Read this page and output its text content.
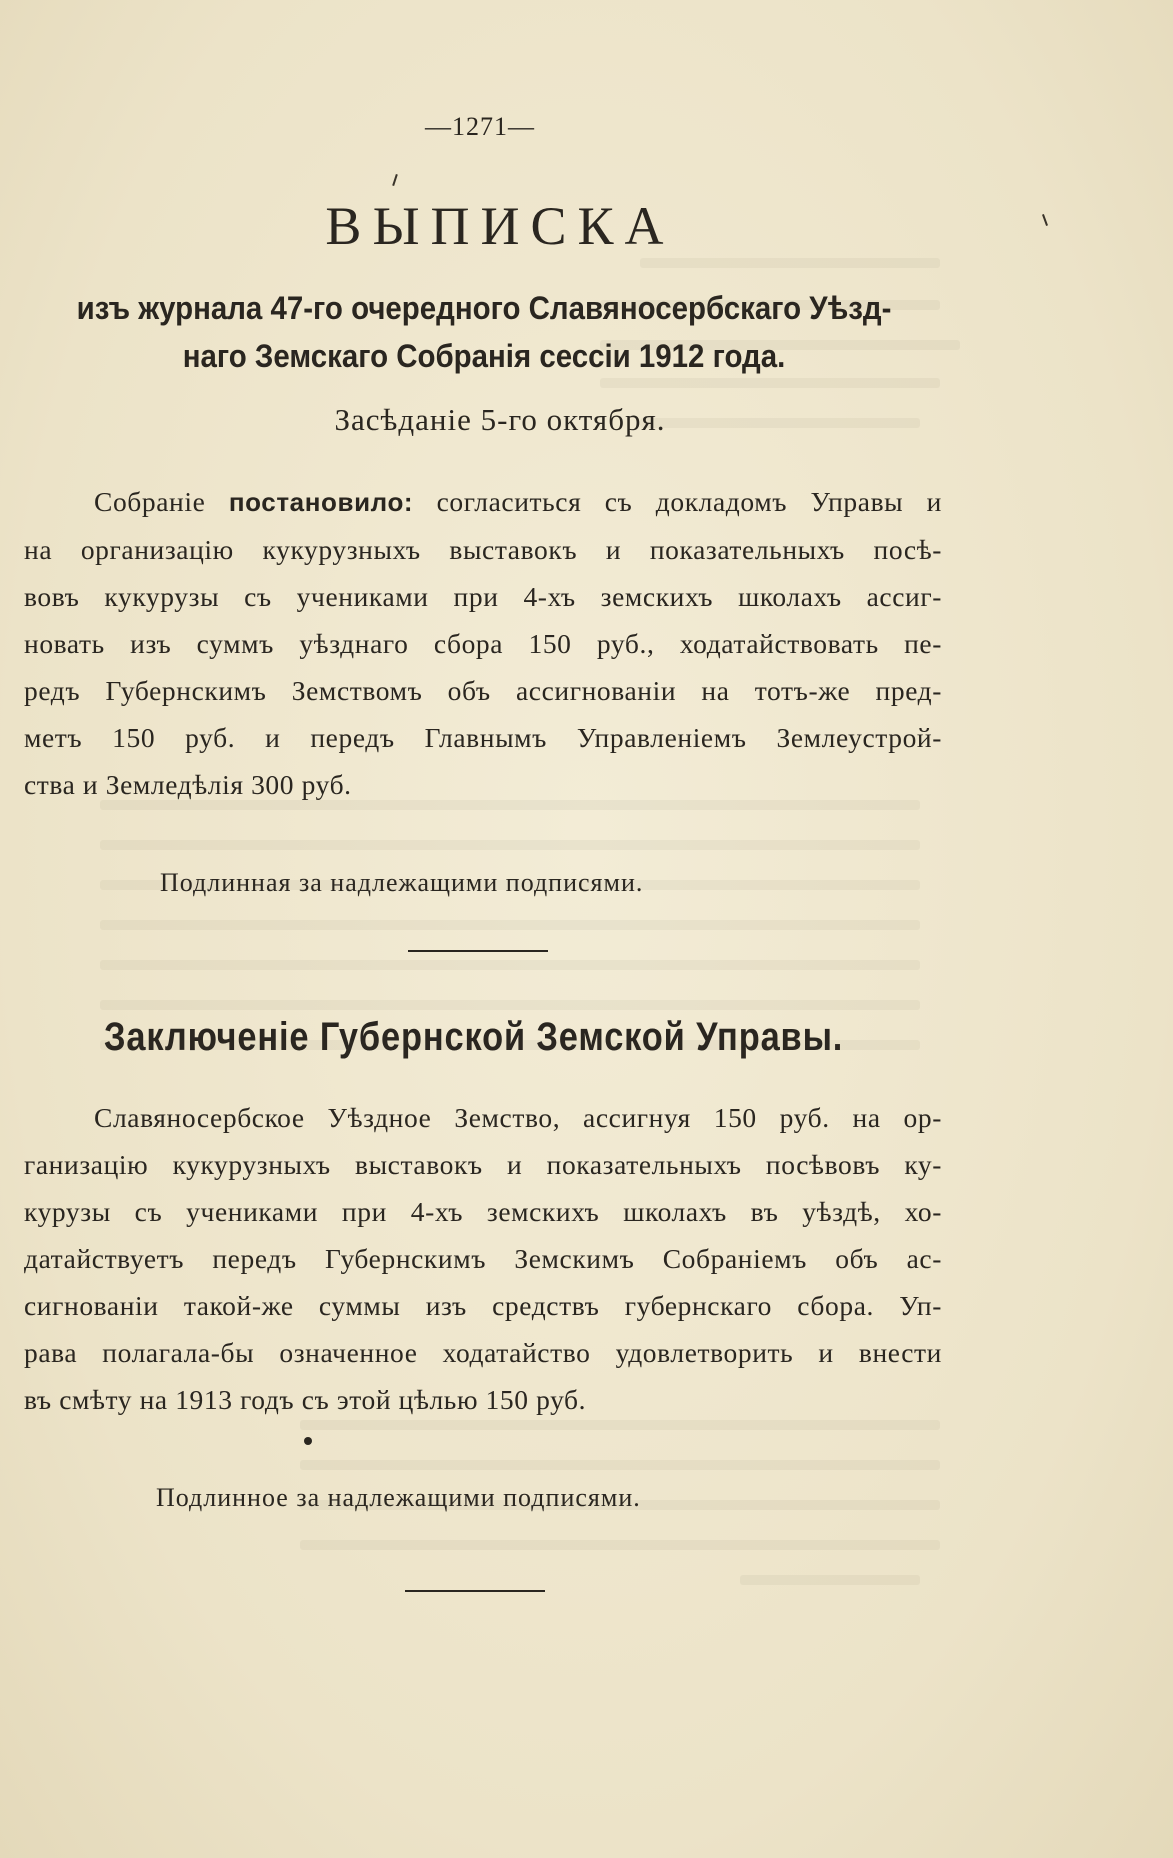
—1271—
ВЫПИСКА
изъ журнала 47-го очередного Славяносербскаго Уѣзд-
наго Земскаго Собранія сессіи 1912 года.
Засѣданіе 5-го октября.
Собраніе постановило: согласиться съ докладомъ Управы и
на организацію кукурузныхъ выставокъ и показательныхъ посѣ-
вовъ кукурузы съ учениками при 4-хъ земскихъ школахъ ассиг-
новать изъ суммъ уѣзднаго сбора 150 руб., ходатайствовать пе-
редъ Губернскимъ Земствомъ объ ассигнованіи на тотъ-же пред-
метъ 150 руб. и передъ Главнымъ Управленіемъ Землеустрой-
ства и Земледѣлія 300 руб.
Подлинная за надлежащими подписями.
Заключеніе Губернской Земской Управы.
Славяносербское Уѣздное Земство, ассигнуя 150 руб. на ор-
ганизацію кукурузныхъ выставокъ и показательныхъ посѣвовъ ку-
курузы съ учениками при 4-хъ земскихъ школахъ въ уѣздѣ, хо-
датайствуетъ передъ Губернскимъ Земскимъ Собраніемъ объ ас-
сигнованіи такой-же суммы изъ средствъ губернскаго сбора. Уп-
рава полагала-бы означенное ходатайство удовлетворить и внести
въ смѣту на 1913 годъ съ этой цѣлью 150 руб.
Подлинное за надлежащими подписями.
